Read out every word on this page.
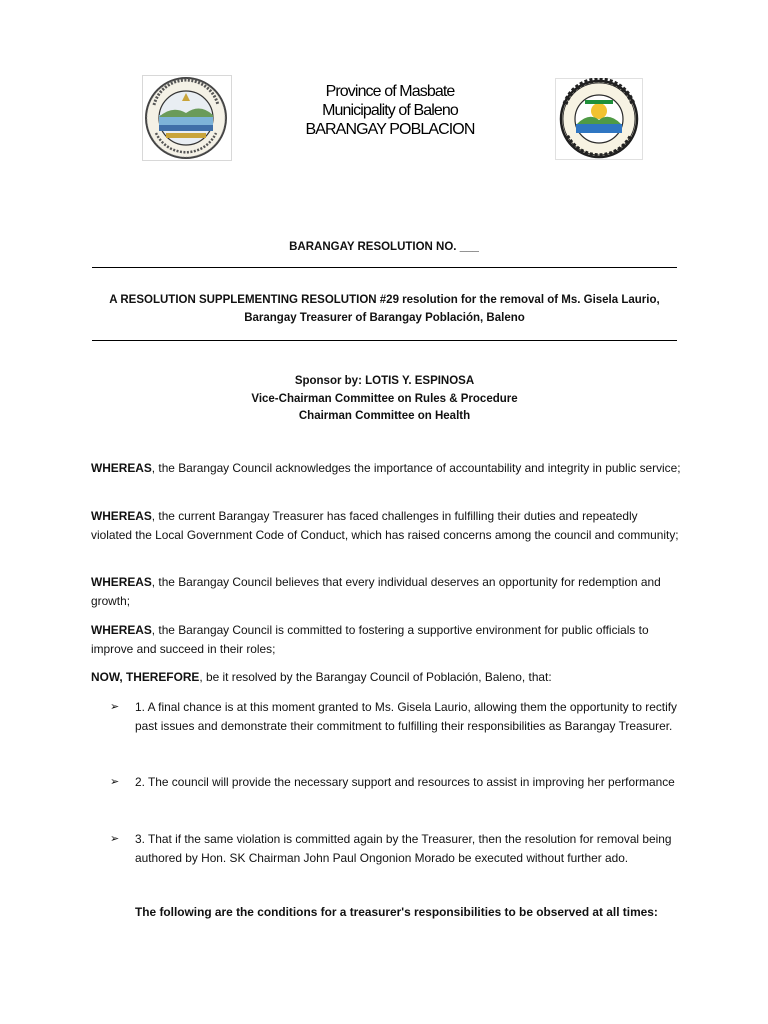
Province of Masbate
Municipality of Baleno
BARANGAY POBLACION
BARANGAY RESOLUTION NO. ___
A RESOLUTION SUPPLEMENTING RESOLUTION #29 resolution for the removal of Ms. Gisela Laurio,
Barangay Treasurer of Barangay Población, Baleno
Sponsor by: LOTIS Y. ESPINOSA
Vice-Chairman Committee on Rules & Procedure
Chairman Committee on Health
WHEREAS, the Barangay Council acknowledges the importance of accountability and integrity in public service;
WHEREAS, the current Barangay Treasurer has faced challenges in fulfilling their duties and repeatedly violated the Local Government Code of Conduct, which has raised concerns among the council and community;
WHEREAS, the Barangay Council believes that every individual deserves an opportunity for redemption and growth;
WHEREAS, the Barangay Council is committed to fostering a supportive environment for public officials to improve and succeed in their roles;
NOW, THEREFORE, be it resolved by the Barangay Council of Población, Baleno, that:
➢	1. A final chance is at this moment granted to Ms. Gisela Laurio, allowing them the opportunity to rectify past issues and demonstrate their commitment to fulfilling their responsibilities as Barangay Treasurer.
➢	2. The council will provide the necessary support and resources to assist in improving her performance
➢	3. That if the same violation is committed again by the Treasurer, then the resolution for removal being authored by Hon. SK Chairman John Paul Ongonion Morado be executed without further ado.
The following are the conditions for a treasurer's responsibilities to be observed at all times:
